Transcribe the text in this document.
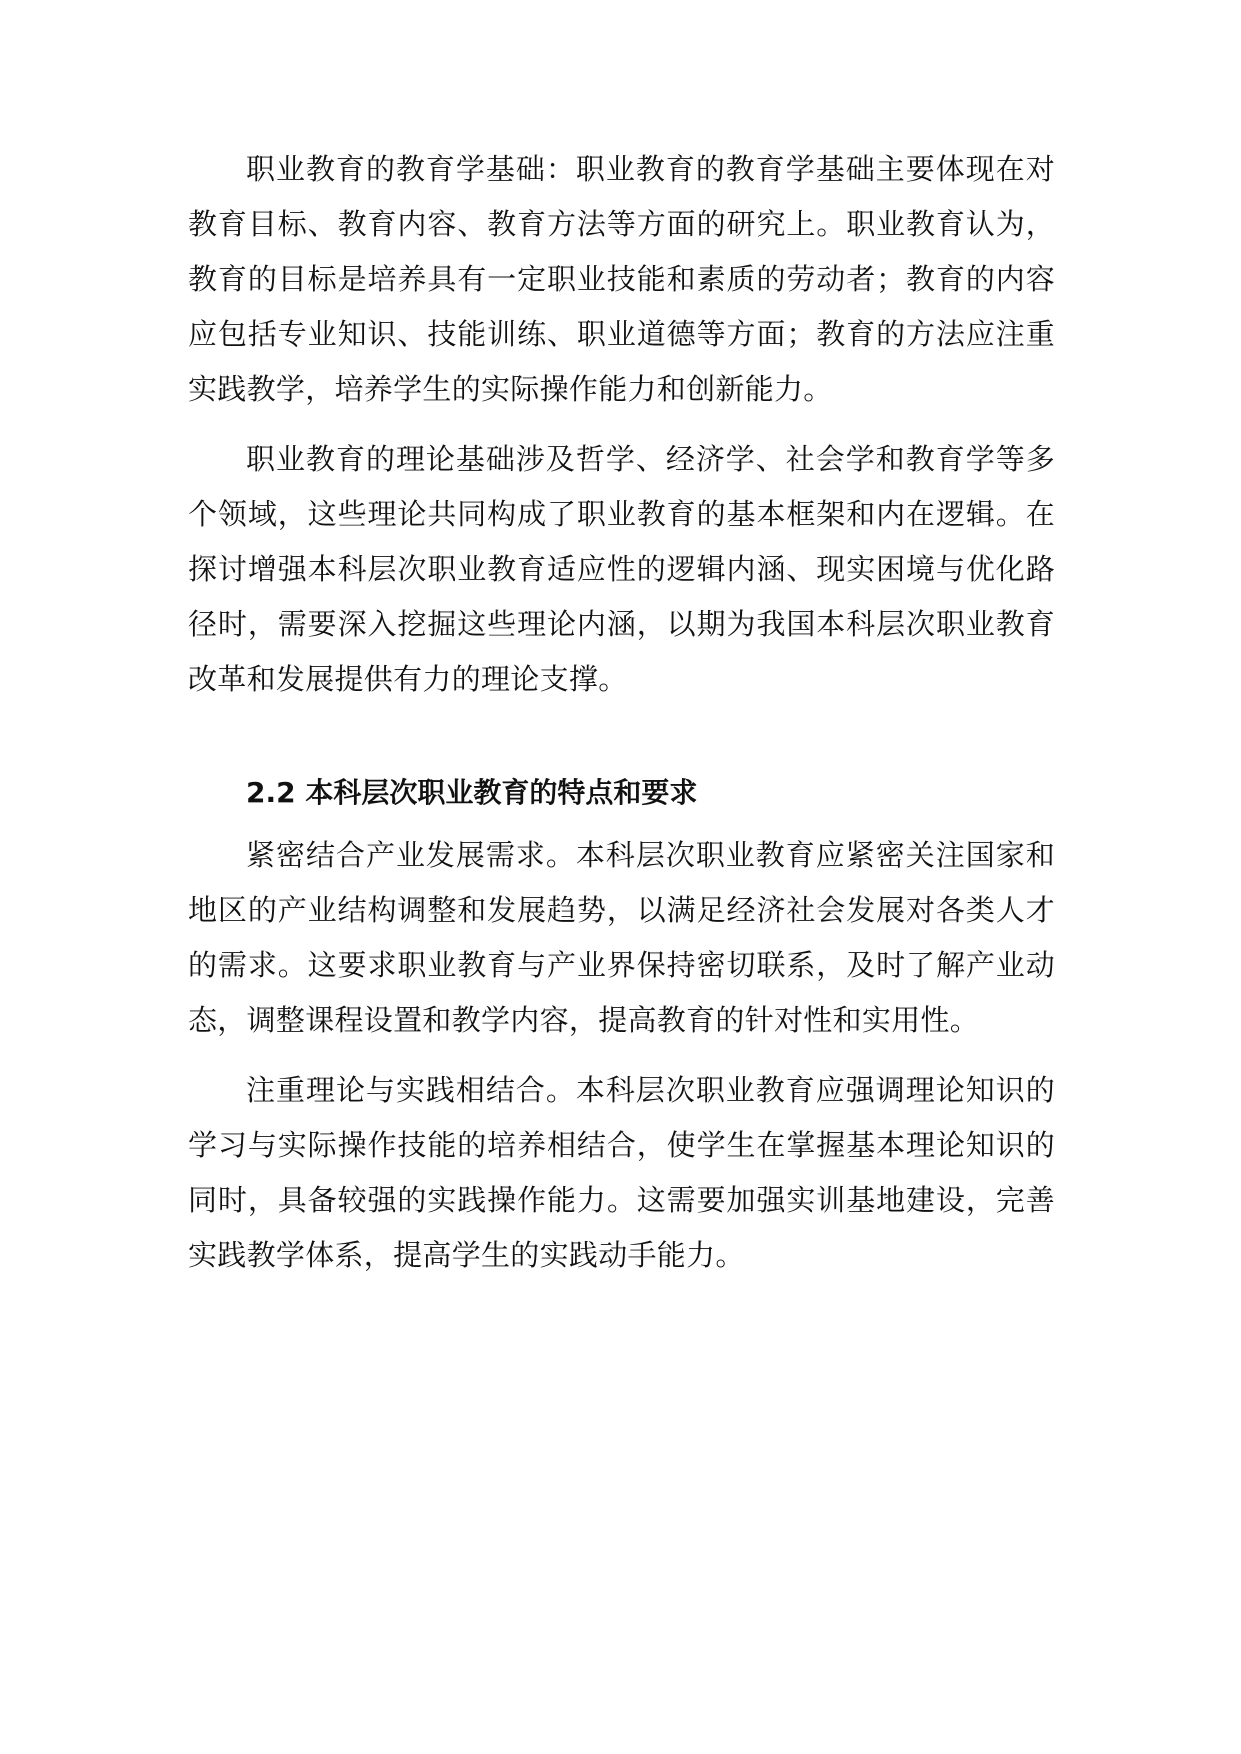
职业教育的教育学基础：职业教育的教育学基础主要体现在对教育目标、教育内容、教育方法等方面的研究上。职业教育认为，教育的目标是培养具有一定职业技能和素质的劳动者；教育的内容应包括专业知识、技能训练、职业道德等方面；教育的方法应注重实践教学，培养学生的实际操作能力和创新能力。

职业教育的理论基础涉及哲学、经济学、社会学和教育学等多个领域，这些理论共同构成了职业教育的基本框架和内在逻辑。在探讨增强本科层次职业教育适应性的逻辑内涵、现实困境与优化路径时，需要深入挖掘这些理论内涵，以期为我国本科层次职业教育改革和发展提供有力的理论支撑。

2.2 本科层次职业教育的特点和要求

紧密结合产业发展需求。本科层次职业教育应紧密关注国家和地区的产业结构调整和发展趋势，以满足经济社会发展对各类人才的需求。这要求职业教育与产业界保持密切联系，及时了解产业动态，调整课程设置和教学内容，提高教育的针对性和实用性。

注重理论与实践相结合。本科层次职业教育应强调理论知识的学习与实际操作技能的培养相结合，使学生在掌握基本理论知识的同时，具备较强的实践操作能力。这需要加强实训基地建设，完善实践教学体系，提高学生的实践动手能力。
